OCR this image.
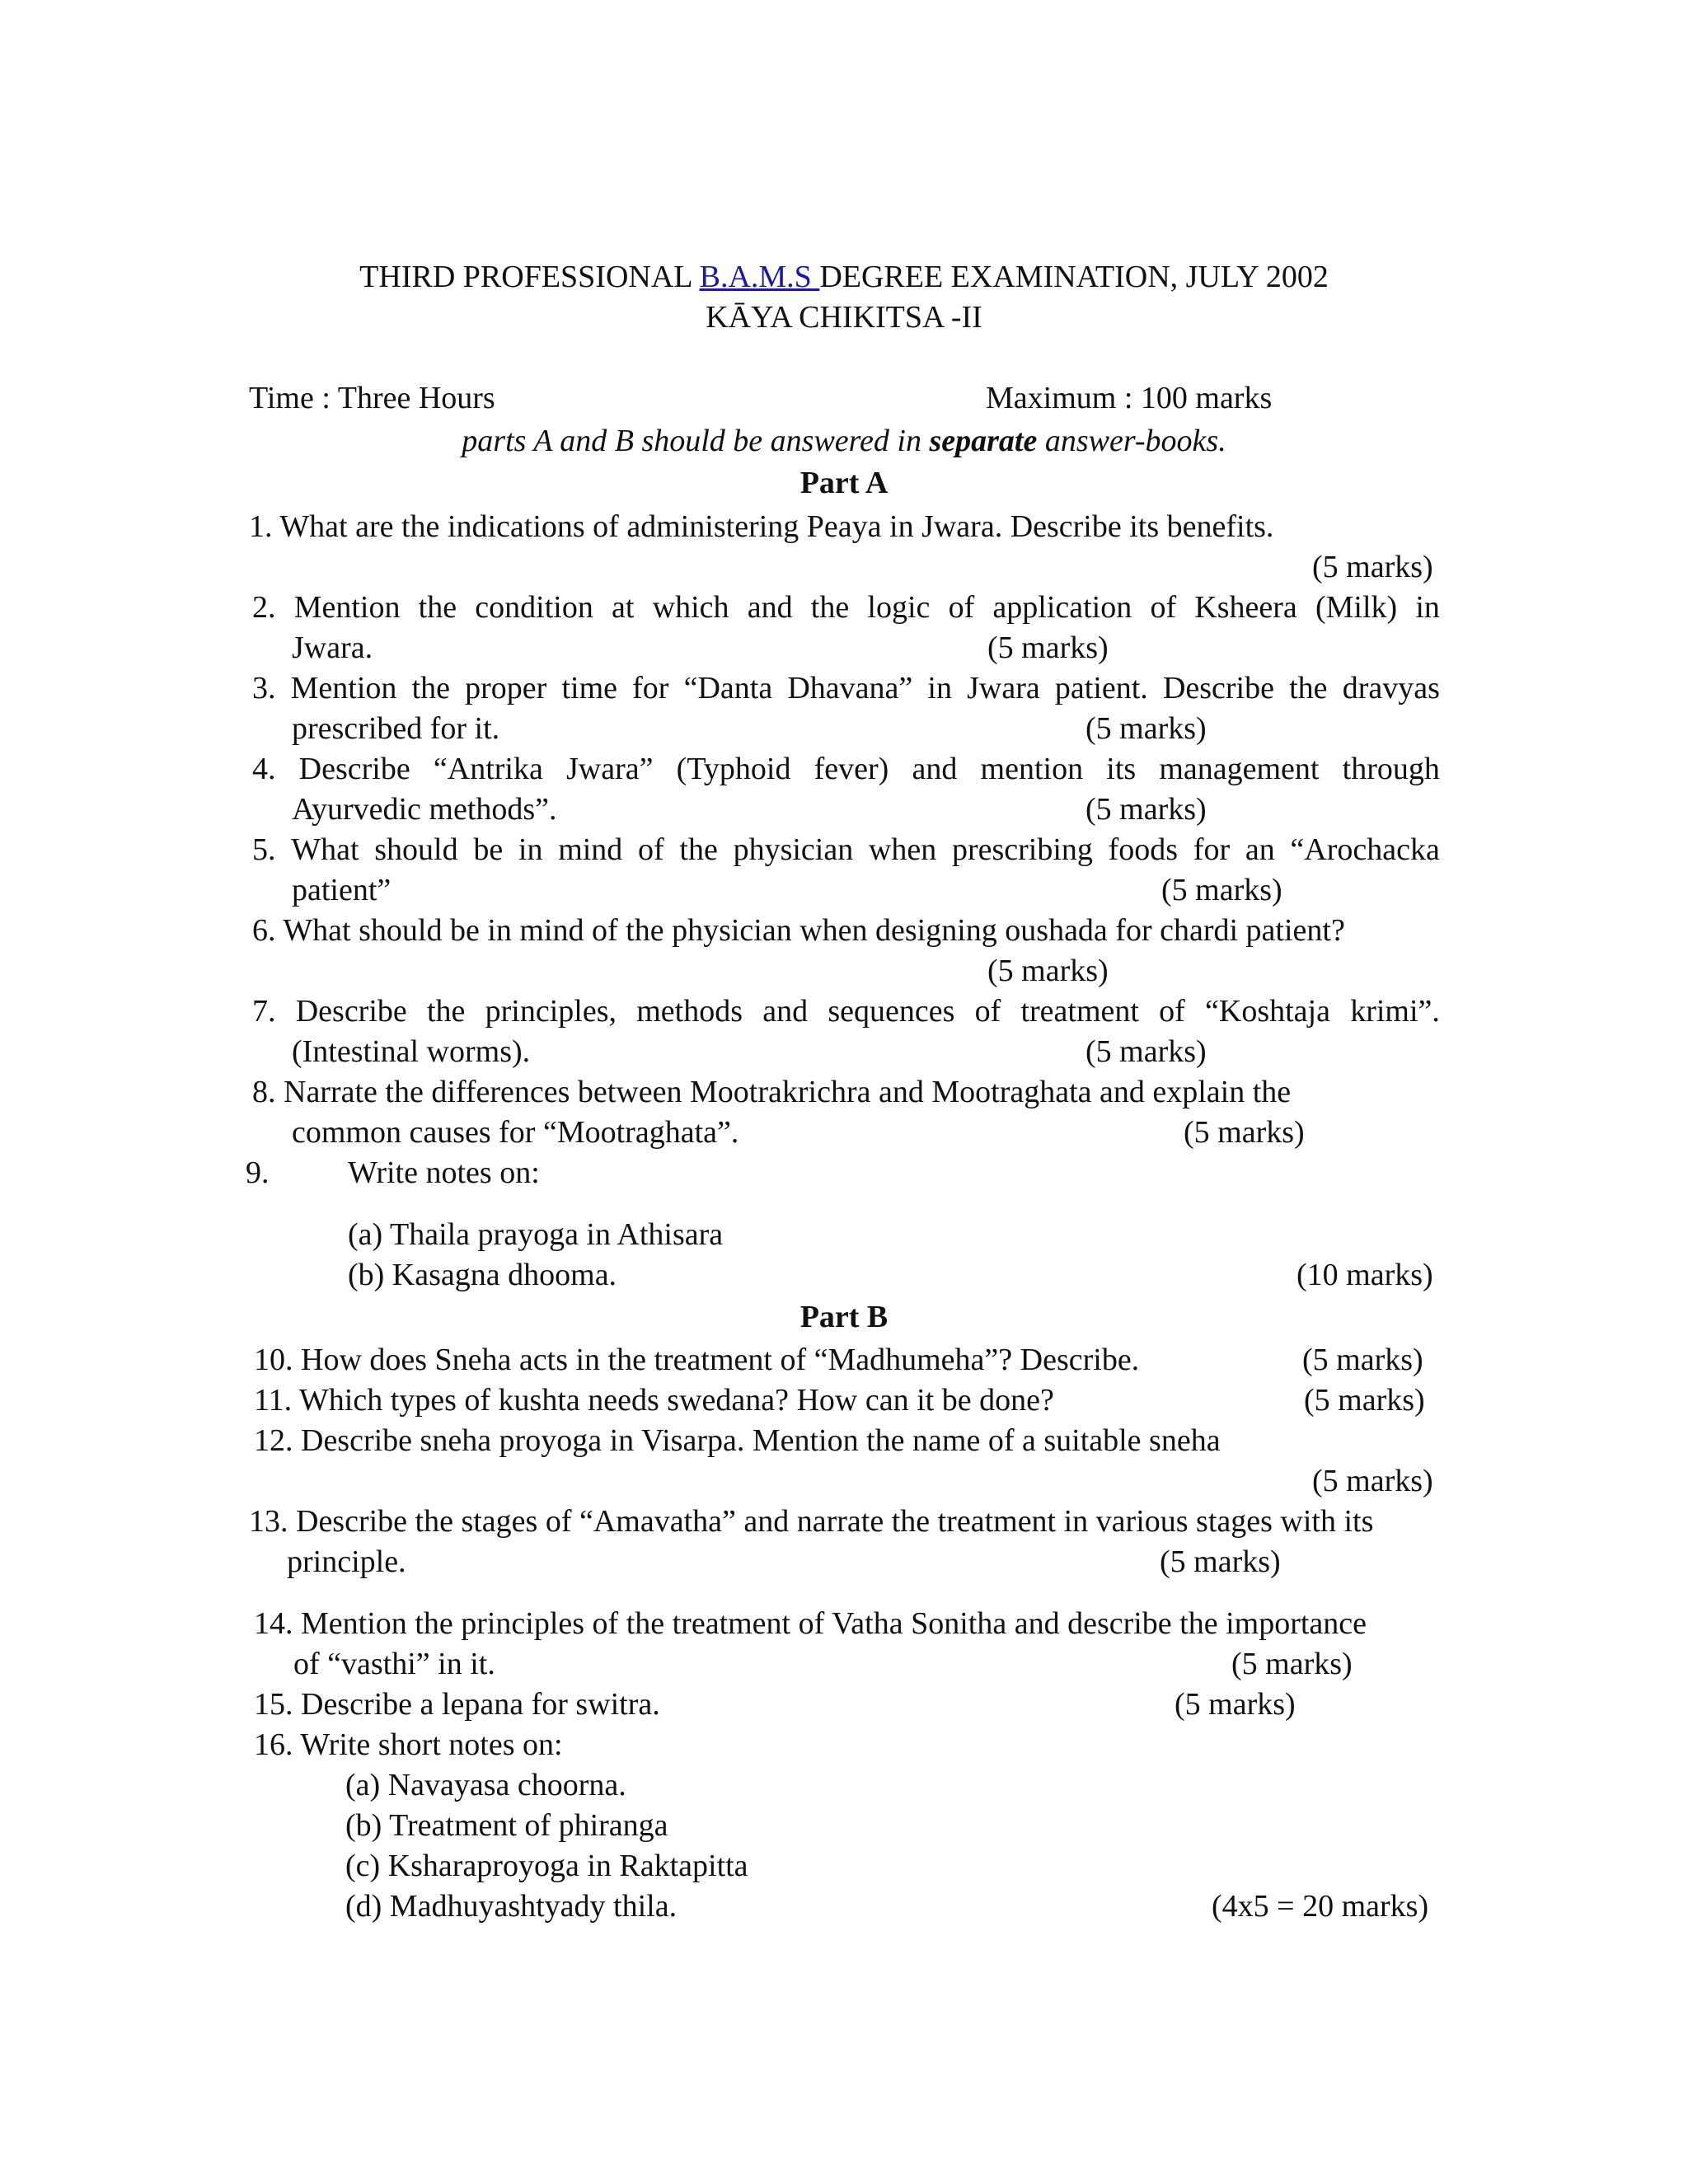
THIRD PROFESSIONAL B.A.M.S DEGREE EXAMINATION, JULY 2002
KĀYA CHIKITSA -II
Time : Three Hours	Maximum : 100 marks
parts A and B should be answered in separate answer-books.
Part A
1. What are the indications of administering Peaya in Jwara. Describe its benefits.
(5 marks)
2. Mention the condition at which and the logic of application of Ksheera (Milk) in
Jwara.	(5 marks)
3. Mention the proper time for “Danta Dhavana” in Jwara patient. Describe the dravyas
prescribed for it.	(5 marks)
4. Describe “Antrika Jwara” (Typhoid fever) and mention its management through
Ayurvedic methods”.	(5 marks)
5. What should be in mind of the physician when prescribing foods for an “Arochacka
patient”	(5 marks)
6. What should be in mind of the physician when designing oushada for chardi patient?
(5 marks)
7. Describe the principles, methods and sequences of treatment of “Koshtaja krimi”.
(Intestinal worms).	(5 marks)
8. Narrate the differences between Mootrakrichra and Mootraghata and explain the
common causes for “Mootraghata”.	(5 marks)
9.	Write notes on:
(a) Thaila prayoga in Athisara
(b) Kasagna dhooma.	(10 marks)
Part B
10. How does Sneha acts in the treatment of “Madhumeha”? Describe.	(5 marks)
11. Which types of kushta needs swedana? How can it be done?	(5 marks)
12. Describe sneha proyoga in Visarpa. Mention the name of a suitable sneha
(5 marks)
13. Describe the stages of “Amavatha” and narrate the treatment in various stages with its
principle.	(5 marks)
14. Mention the principles of the treatment of Vatha Sonitha and describe the importance
of “vasthi” in it.	(5 marks)
15. Describe a lepana for switra.	(5 marks)
16. Write short notes on:
(a) Navayasa choorna.
(b) Treatment of phiranga
(c) Ksharaproyoga in Raktapitta
(d) Madhuyashtyady thila.	(4x5 = 20 marks)
